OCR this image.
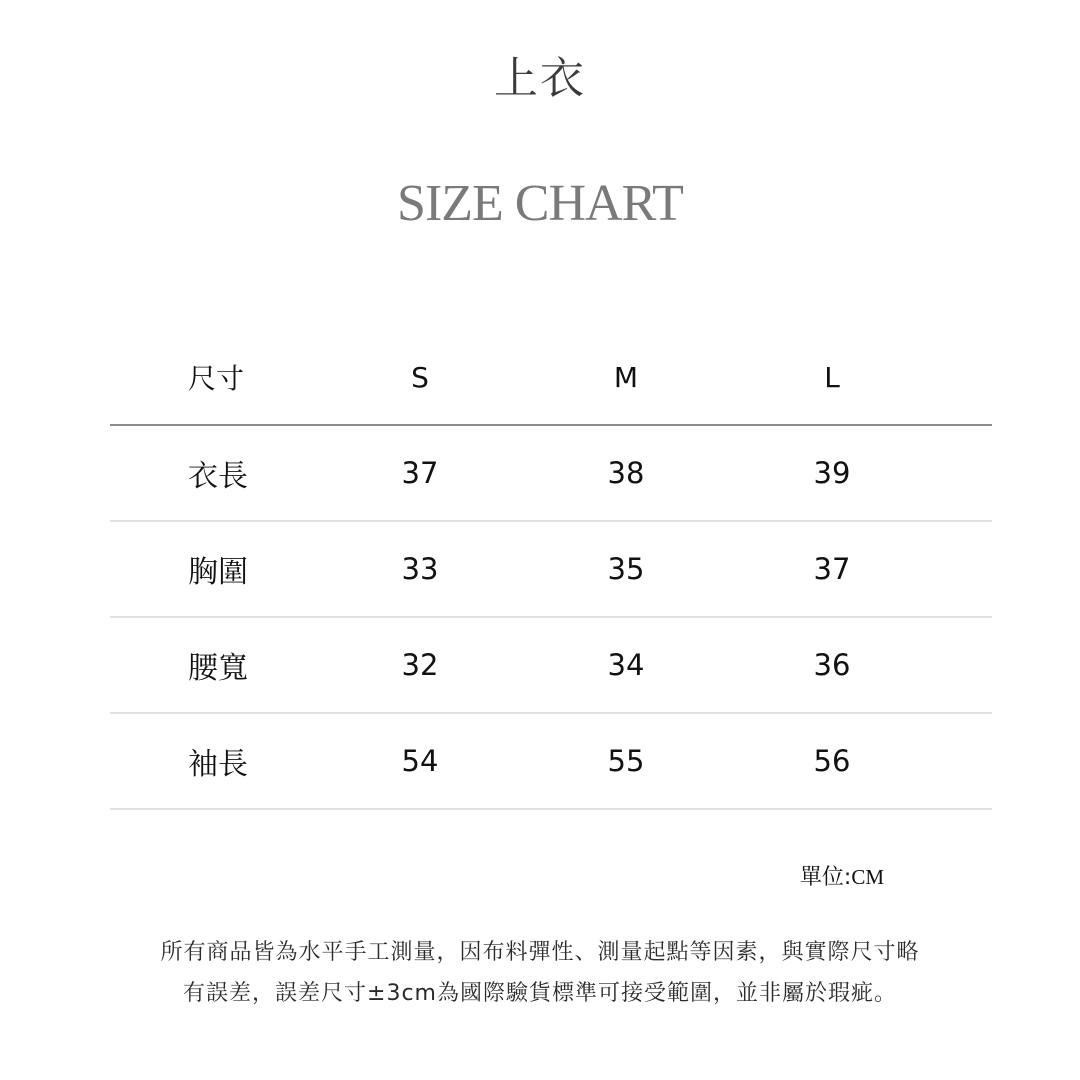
上衣
SIZE CHART
尺寸	S	M	L
衣長	37	38	39
胸圍	33	35	37
腰寬	32	34	36
袖長	54	55	56
單位:CM
所有商品皆為水平手工測量，因布料彈性、測量起點等因素，與實際尺寸略有誤差，誤差尺寸±3cm為國際驗貨標準可接受範圍，並非屬於瑕疵。
